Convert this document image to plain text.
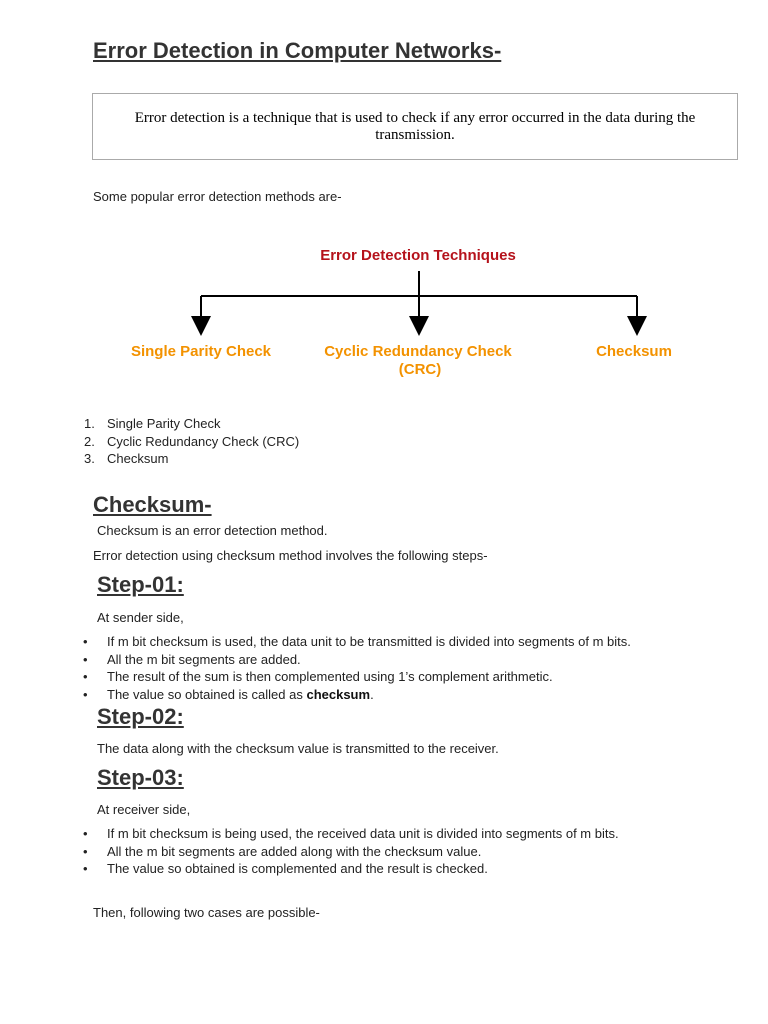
Error Detection in Computer Networks-
Error detection is a technique that is used to check if any error occurred in the data during the transmission.

Some popular error detection methods are-

Error Detection Techniques
Single Parity Check	Cyclic Redundancy Check
(CRC)
Checksum
1. Single Parity Check
2. Cyclic Redundancy Check (CRC)
3. Checksum
Checksum-

Checksum is an error detection method.

Error detection using checksum method involves the following steps-

Step-01:

At sender side,

• If m bit checksum is used, the data unit to be transmitted is divided into segments of m bits.
• All the m bit segments are added.
• The result of the sum is then complemented using 1’s complement arithmetic.
• The value so obtained is called as checksum.
Step-02:

The data along with the checksum value is transmitted to the receiver.

Step-03:

At receiver side,

• If m bit checksum is being used, the received data unit is divided into segments of m bits.
• All the m bit segments are added along with the checksum value.
• The value so obtained is complemented and the result is checked.

Then, following two cases are possible-
